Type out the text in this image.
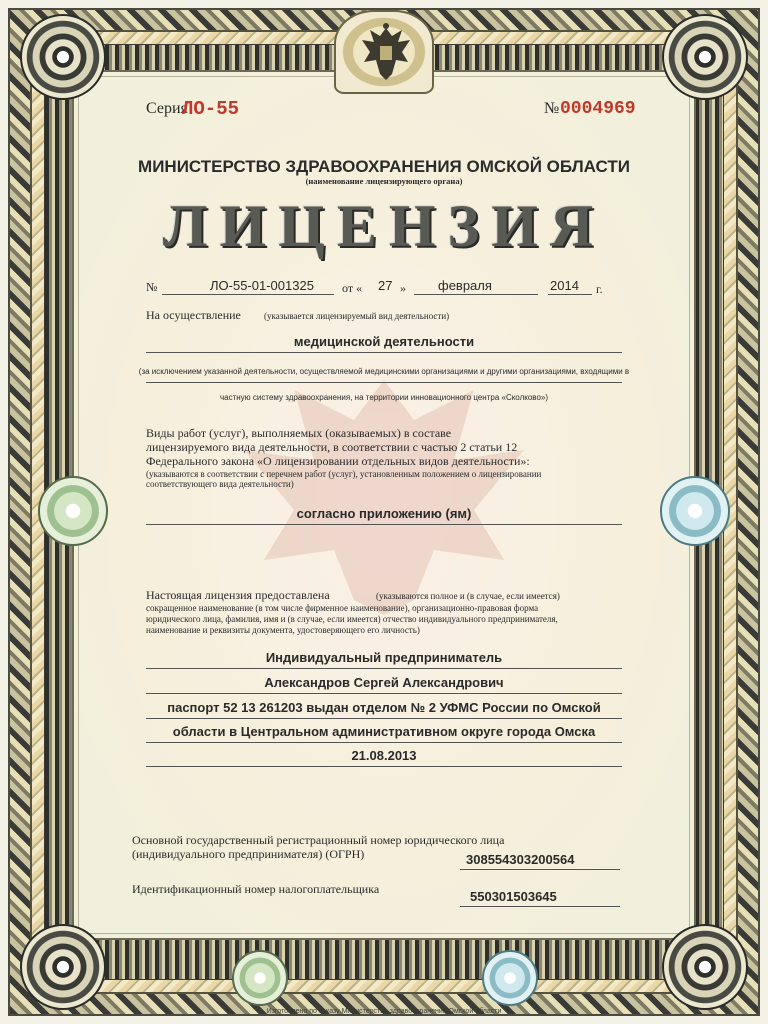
Серия
ЛО-55	№ 0004969
МИНИСТЕРСТВО ЗДРАВООХРАНЕНИЯ ОМСКОЙ ОБЛАСТИ
(наименование лицензирующего органа)
ЛИЦЕНЗИЯ
№	ЛО-55-01-001325 от « 27 » февраля	2014 г.
На осуществление	(указывается лицензируемый вид деятельности)
медицинской деятельности
(за исключением указанной деятельности, осуществляемой медицинскими организациями и другими организациями, входящими в
частную систему здравоохранения, на территории инновационного центра «Сколково»)
Виды работ (услуг), выполняемых (оказываемых) в составе
лицензируемого вида деятельности, в соответствии с частью 2 статьи 12
Федерального закона «О лицензировании отдельных видов деятельности»:
(указываются в соответствии с перечнем работ (услуг), установленным положением о лицензировании
соответствующего вида деятельности)
согласно приложению (ям)
Настоящая лицензия предоставлена	(указываются полное и (в случае, если имеется)
сокращенное наименование (в том числе фирменное наименование), организационно-правовая форма
юридического лица, фамилия, имя и (в случае, если имеется) отчество индивидуального предпринимателя,
наименование и реквизиты документа, удостоверяющего его личность)
Индивидуальный предприниматель
Александров Сергей Александрович
паспорт 52 13 261203 выдан отделом № 2 УФМС России по Омской
области в Центральном административном округе города Омска
21.08.2013
Основной государственный регистрационный номер юридического лица
(индивидуального предпринимателя) (ОГРН)	308554303200564
Идентификационный номер налогоплательщика	550301503645
Изготовлено по заказу Министерства здравоохранения Омской области
